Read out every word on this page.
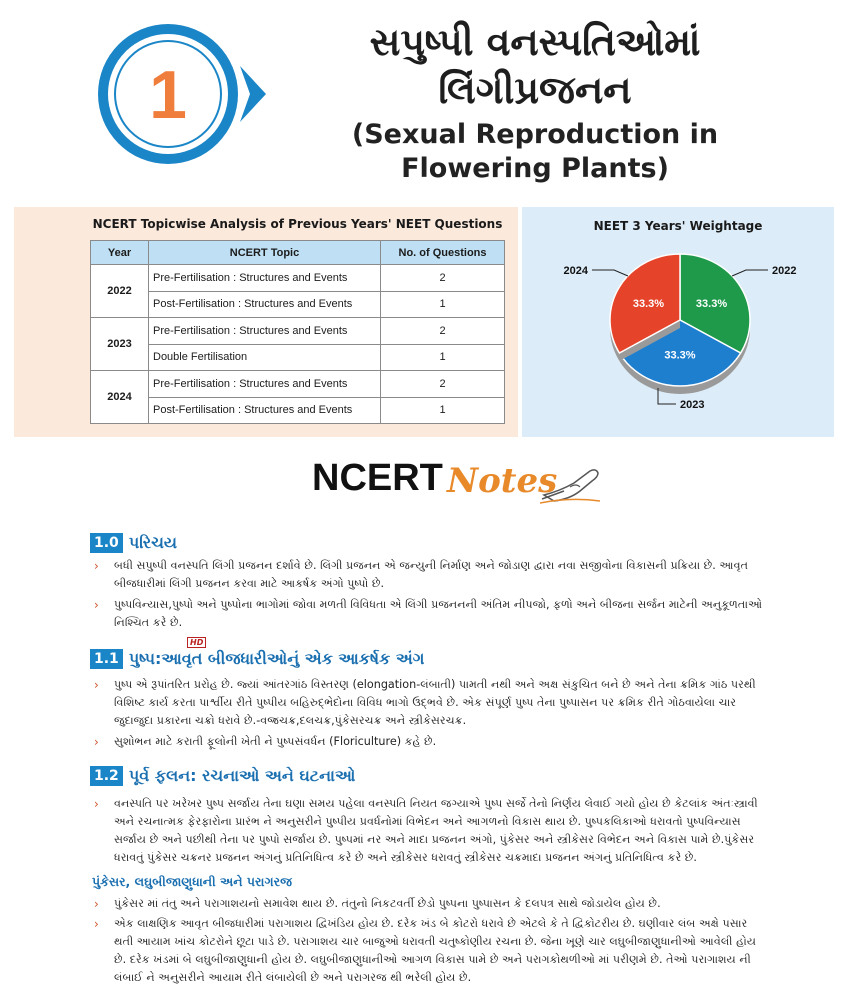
1
સપુષ્પી વનસ્પતિઓમાં
લિંગીપ્રજનન
(Sexual Reproduction in
Flowering Plants)
NCERT Topicwise Analysis of Previous Years' NEET Questions	NEET 3 Years' Weightage
Year	NCERT Topic	No. of Questions
2022	Pre-Fertilisation : Structures and Events	2
	Post-Fertilisation : Structures and Events	1
2023	Pre-Fertilisation : Structures and Events	2
	Double Fertilisation	1
2024	Pre-Fertilisation : Structures and Events	2
	Post-Fertilisation : Structures and Events	1
33.3%
2022
33.3%
2023
33.3%
2024
NCERT Notes
1.0 પરિચય
› બધી સપુષ્પી વનસ્પતિ લિંગી પ્રજનન દર્શાવે છે. લિંગી પ્રજનન એ જન્યુની નિર્માણ અને જોડાણ દ્વારા નવા સજીવોના વિકાસની પ્રક્રિયા છે. આવૃત બીજધારીમાં લિંગી પ્રજનન કરવા માટે આકર્ષક અંગો પુષ્પો છે.
› પુષ્પવિન્યાસ,પુષ્પો અને પુષ્પોના ભાગોમાં જોવા મળતી વિવિધતા એ લિંગી પ્રજનનની અંતિમ નીપજો, ફળો અને બીજના સર્જન માટેની અનુકૂળતાઓ નિશ્ચિત કરે છે.
HD
1.1 પુષ્પ:આવૃત બીજધારીઓનું એક આકર્ષક અંગ
› પુષ્પ એ રૂપાંતરિત પ્રરોહ છે. જ્યાં આંતરગાંઠ વિસ્તરણ (elongation-લંબાતી) પામતી નથી અને અક્ષ સંકુચિત બને છે અને તેના ક્રમિક ગાંઠ પરથી વિશિષ્ટ કાર્ય કરતા પાર્શ્વીય રીતે પુષ્પીય બહિરુદ્ભેદોના વિવિધ ભાગો ઉદ્ભવે છે. એક સંપૂર્ણ પુષ્પ તેના પુષ્પાસન પર ક્રમિક રીતે ગોઠવાયેલા ચાર જુદાજુદા પ્રકારના ચક્રો ધરાવે છે.-વજ્રચક્ર,દલચક્ર,પુંકેસરચક્ર અને સ્ત્રીકેસરચક્ર.
› સુશોભન માટે કરાતી ફૂલોની ખેતી ને પુષ્પસંવર્ધન (Floriculture) કહે છે.
1.2 પૂર્વ ફલન: રચનાઓ અને ઘટનાઓ
› વનસ્પતિ પર ખરેખર પુષ્પ સર્જાય તેના ઘણા સમય પહેલા વનસ્પતિ નિયત જગ્યાએ પુષ્પ સર્જે તેનો નિર્ણય લેવાઈ ગયો હોય છે કેટલાંક અંતઃસ્ત્રાવી અને રચનાત્મક ફેરફારોના પ્રારંભ ને અનુસરીને પુષ્પીય પ્રવર્ધનોમાં વિભેદન અને આગળનો વિકાસ થાય છે. પુષ્પકલિકાઓ ધરાવતો પુષ્પવિન્યાસ સર્જાય છે અને પછીથી તેના પર પુષ્પો સર્જાય છે. પુષ્પમાં નર અને માદા પ્રજનન અંગો, પુંકેસર અને સ્ત્રીકેસર વિભેદન અને વિકાસ પામે છે.પુંકેસર ધરાવતું પુંકેસર ચક્રનર પ્રજનન અંગનું પ્રતિનિધિત્વ કરે છે અને સ્ત્રીકેસર ધરાવતું સ્ત્રીકેસર ચક્રમાદા પ્રજનન અંગનું પ્રતિનિધિત્વ કરે છે.
પુંકેસર, લઘુબીજાણુધાની અને પરાગરજ
› પુંકેસર માં તંતુ અને પરાગાશયનો સમાવેશ થાય છે. તંતુનો નિકટવર્તી છેડો પુષ્પના પુષ્પાસન કે દલપત્ર સાથે જોડાયેલ હોય છે.
› એક લાક્ષણિક આવૃત બીજધારીમાં પરાગાશય દ્વિખંડિય હોય છે. દરેક ખંડ બે કોટરો ધરાવે છે એટલે કે તે દ્વિકોટરીય છે. ઘણીવાર લંબ અક્ષે પસાર થતી આયામ ખાંચ કોટરોને છૂટા પાડે છે. પરાગાશય ચાર બાજુઓ ધરાવતી ચતુષ્કોણીય રચના છે. જેના ખૂણે ચાર લઘુબીજાણુધાનીઓ આવેલી હોય છે. દરેક ખંડમાં બે લઘુબીજાણુધાની હોય છે. લઘુબીજાણુધાનીઓ આગળ વિકાસ પામે છે અને પરાગકોથળીઓ માં પરીણમે છે. તેઓ પરાગાશય ની લંબાઈ ને અનુસરીને આયામ રીતે લંબાયેલી છે અને પરાગરજ થી ભરેલી હોય છે.
